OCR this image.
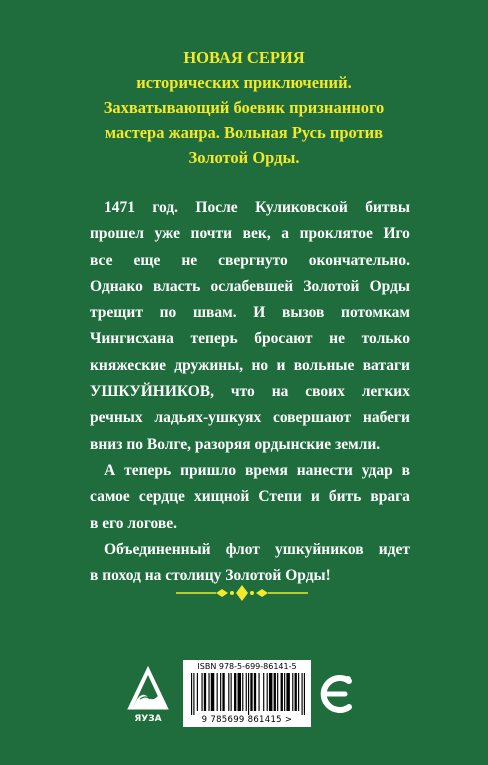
НОВАЯ СЕРИЯ
исторических приключений.
Захватывающий боевик признанного
мастера жанра. Вольная Русь против
Золотой Орды.
1471 год. После Куликовской битвы
прошел уже почти век, а проклятое Иго
все еще не свергнуто окончательно.
Однако власть ослабевшей Золотой Орды
трещит по швам. И вызов потомкам
Чингисхана теперь бросают не только
княжеские дружины, но и вольные ватаги
УШКУЙНИКОВ, что на своих легких
речных ладьях-ушкуях совершают набеги
вниз по Волге, разоряя ордынские земли.
А теперь пришло время нанести удар в
самое сердце хищной Степи и бить врага
в его логове.
Объединенный флот ушкуйников идет
в поход на столицу Золотой Орды!
ЯУЗА
ISBN 978-5-699-86141-5
9 785699 861415 >
